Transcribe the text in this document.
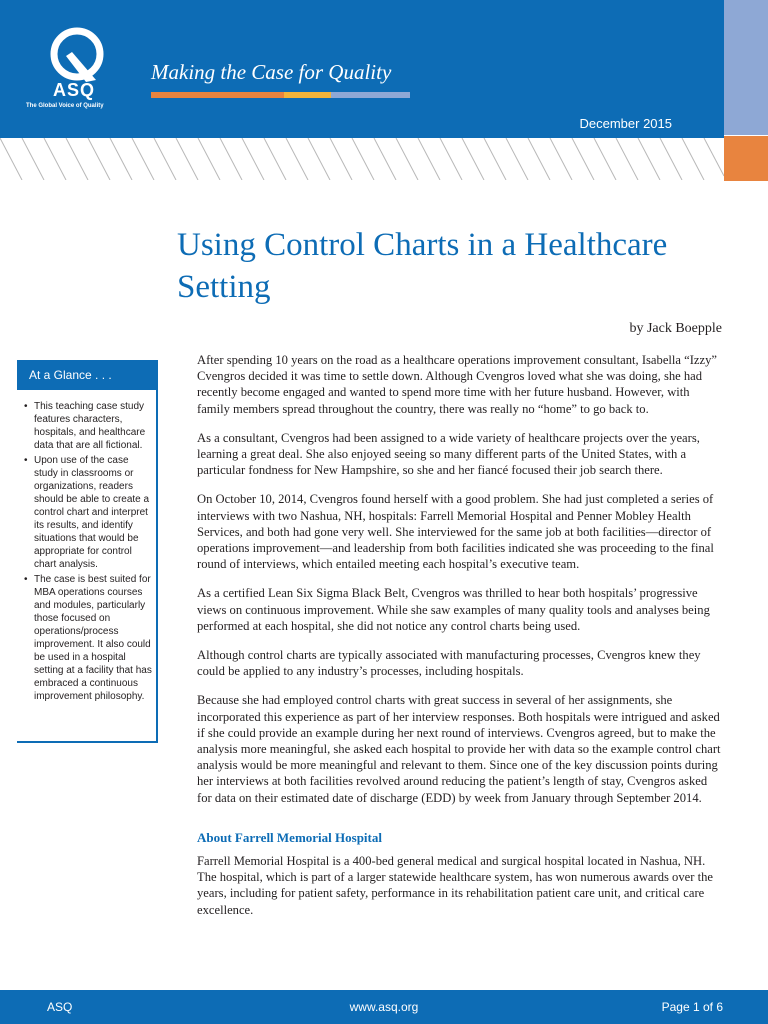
ASQ
The Global Voice of Quality
Making the Case for Quality
December 2015
Using Control Charts in a Healthcare Setting
by Jack Boepple
At a Glance . . .
• This teaching case study features characters, hospitals, and healthcare data that are all fictional.
• Upon use of the case study in classrooms or organizations, readers should be able to create a control chart and interpret its results, and identify situations that would be appropriate for control chart analysis.
• The case is best suited for MBA operations courses and modules, particularly those focused on operations/process improvement. It also could be used in a hospital setting at a facility that has embraced a continuous improvement philosophy.

After spending 10 years on the road as a healthcare operations improvement consultant, Isabella “Izzy” Cvengros decided it was time to settle down. Although Cvengros loved what she was doing, she had recently become engaged and wanted to spend more time with her future husband. However, with family members spread throughout the country, there was really no “home” to go back to.

As a consultant, Cvengros had been assigned to a wide variety of healthcare projects over the years, learning a great deal. She also enjoyed seeing so many different parts of the United States, with a particular fondness for New Hampshire, so she and her fiancé focused their job search there.

On October 10, 2014, Cvengros found herself with a good problem. She had just completed a series of interviews with two Nashua, NH, hospitals: Farrell Memorial Hospital and Penner Mobley Health Services, and both had gone very well. She interviewed for the same job at both facilities—director of operations improvement—and leadership from both facilities indicated she was proceeding to the final round of interviews, which entailed meeting each hospital’s executive team.

As a certified Lean Six Sigma Black Belt, Cvengros was thrilled to hear both hospitals’ progressive views on continuous improvement. While she saw examples of many quality tools and analyses being performed at each hospital, she did not notice any control charts being used.

Although control charts are typically associated with manufacturing processes, Cvengros knew they could be applied to any industry’s processes, including hospitals.

Because she had employed control charts with great success in several of her assignments, she incorporated this experience as part of her interview responses. Both hospitals were intrigued and asked if she could provide an example during her next round of interviews. Cvengros agreed, but to make the analysis more meaningful, she asked each hospital to provide her with data so the example control chart analysis would be more meaningful and relevant to them. Since one of the key discussion points during her interviews at both facilities revolved around reducing the patient’s length of stay, Cvengros asked for data on their estimated date of discharge (EDD) by week from January through September 2014.

About Farrell Memorial Hospital

Farrell Memorial Hospital is a 400-bed general medical and surgical hospital located in Nashua, NH. The hospital, which is part of a larger statewide healthcare system, has won numerous awards over the years, including for patient safety, performance in its rehabilitation patient care unit, and critical care excellence.

ASQ	www.asq.org	Page 1 of 6
